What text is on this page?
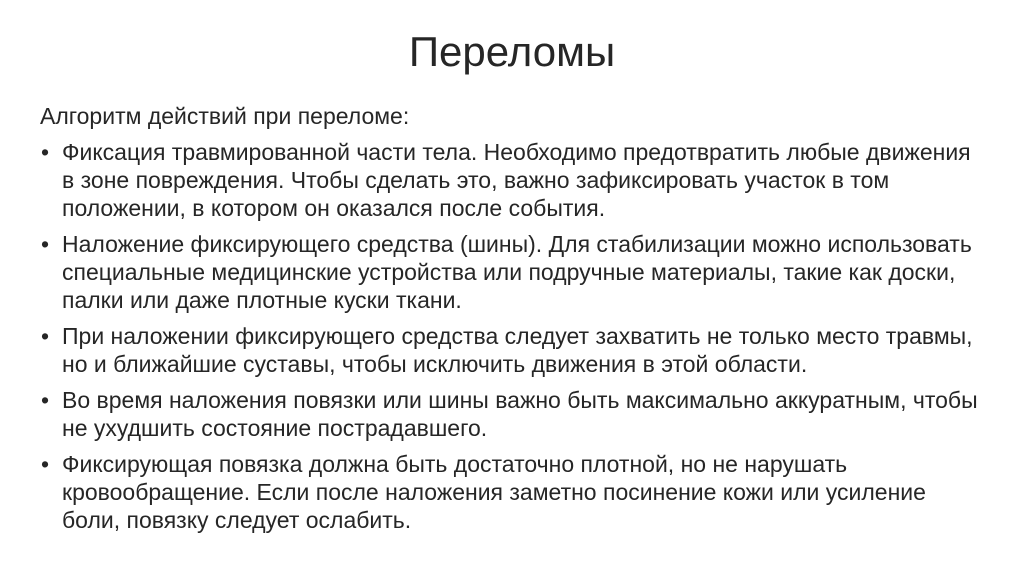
Переломы

Алгоритм действий при переломе:

• Фиксация травмированной части тела. Необходимо предотвратить любые движения в зоне повреждения. Чтобы сделать это, важно зафиксировать участок в том положении, в котором он оказался после события.
• Наложение фиксирующего средства (шины). Для стабилизации можно использовать специальные медицинские устройства или подручные материалы, такие как доски, палки или даже плотные куски ткани.
• При наложении фиксирующего средства следует захватить не только место травмы, но и ближайшие суставы, чтобы исключить движения в этой области.
• Во время наложения повязки или шины важно быть максимально аккуратным, чтобы не ухудшить состояние пострадавшего.
• Фиксирующая повязка должна быть достаточно плотной, но не нарушать кровообращение. Если после наложения заметно посинение кожи или усиление боли, повязку следует ослабить.
